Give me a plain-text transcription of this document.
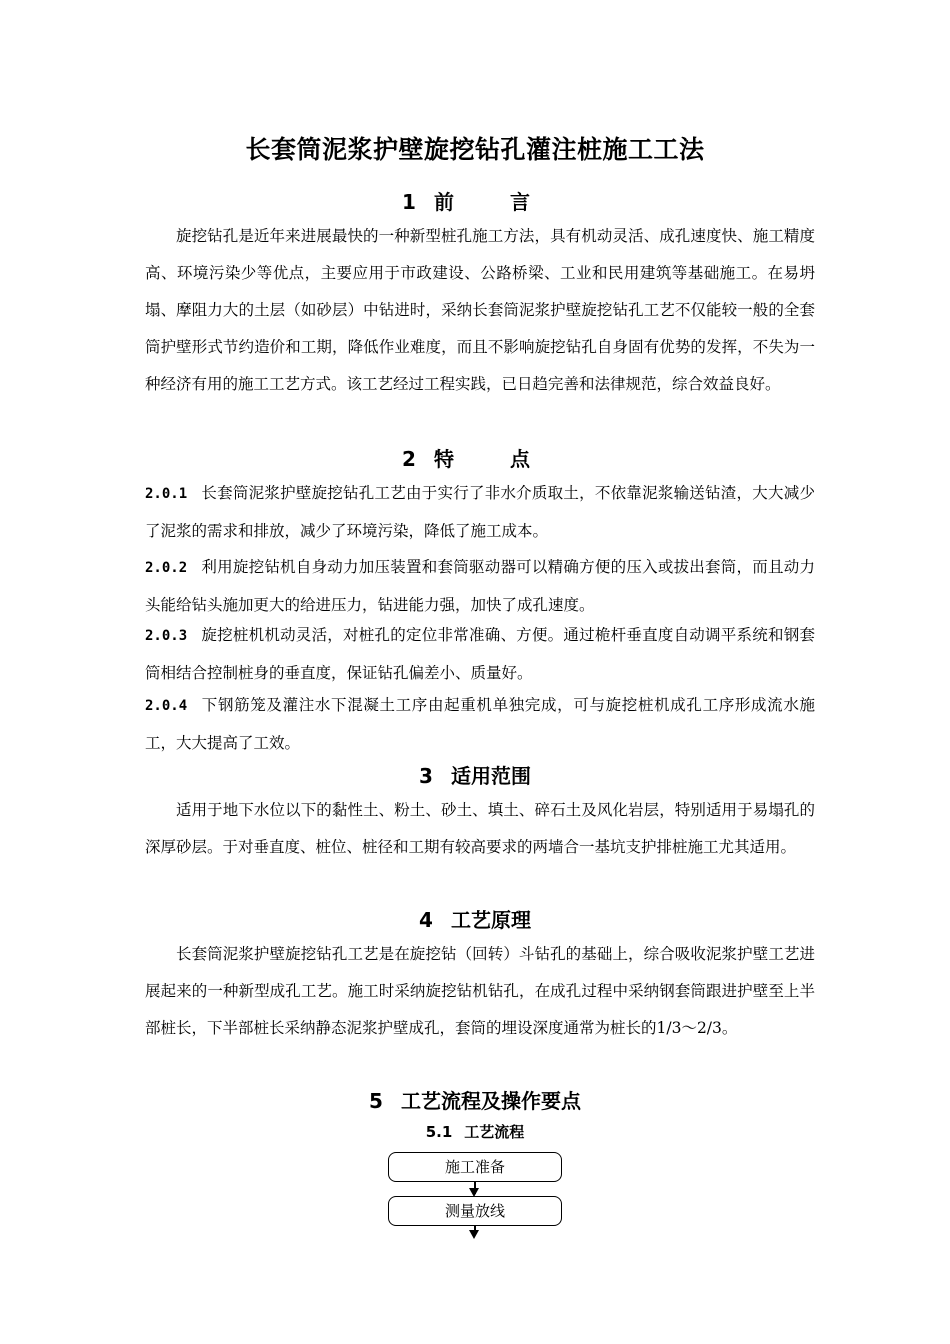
长套筒泥浆护壁旋挖钻孔灌注桩施工工法
1 前　言
旋挖钻孔是近年来进展最快的一种新型桩孔施工方法，具有机动灵活、成孔速度快、施工精度高、环境污染少等优点，主要应用于市政建设、公路桥梁、工业和民用建筑等基础施工。在易坍塌、摩阻力大的土层（如砂层）中钻进时，采纳长套筒泥浆护壁旋挖钻孔工艺不仅能较一般的全套筒护壁形式节约造价和工期，降低作业难度，而且不影响旋挖钻孔自身固有优势的发挥，不失为一种经济有用的施工工艺方式。该工艺经过工程实践，已日趋完善和法律规范，综合效益良好。
2 特　点
2.0.1 长套筒泥浆护壁旋挖钻孔工艺由于实行了非水介质取土，不依靠泥浆输送钻渣，大大减少了泥浆的需求和排放，减少了环境污染，降低了施工成本。
2.0.2 利用旋挖钻机自身动力加压装置和套筒驱动器可以精确方便的压入或拔出套筒，而且动力头能给钻头施加更大的给进压力，钻进能力强，加快了成孔速度。
2.0.3 旋挖桩机机动灵活，对桩孔的定位非常准确、方便。通过桅杆垂直度自动调平系统和钢套筒相结合控制桩身的垂直度，保证钻孔偏差小、质量好。
2.0.4 下钢筋笼及灌注水下混凝土工序由起重机单独完成，可与旋挖桩机成孔工序形成流水施工，大大提高了工效。
3 适用范围
适用于地下水位以下的黏性土、粉土、砂土、填土、碎石土及风化岩层，特别适用于易塌孔的深厚砂层。于对垂直度、桩位、桩径和工期有较高要求的两墙合一基坑支护排桩施工尤其适用。
4 工艺原理
长套筒泥浆护壁旋挖钻孔工艺是在旋挖钻（回转）斗钻孔的基础上，综合吸收泥浆护壁工艺进展起来的一种新型成孔工艺。施工时采纳旋挖钻机钻孔，在成孔过程中采纳钢套筒跟进护壁至上半部桩长，下半部桩长采纳静态泥浆护壁成孔，套筒的埋设深度通常为桩长的1/3～2/3。
5 工艺流程及操作要点
5.1 工艺流程
施工准备
测量放线
